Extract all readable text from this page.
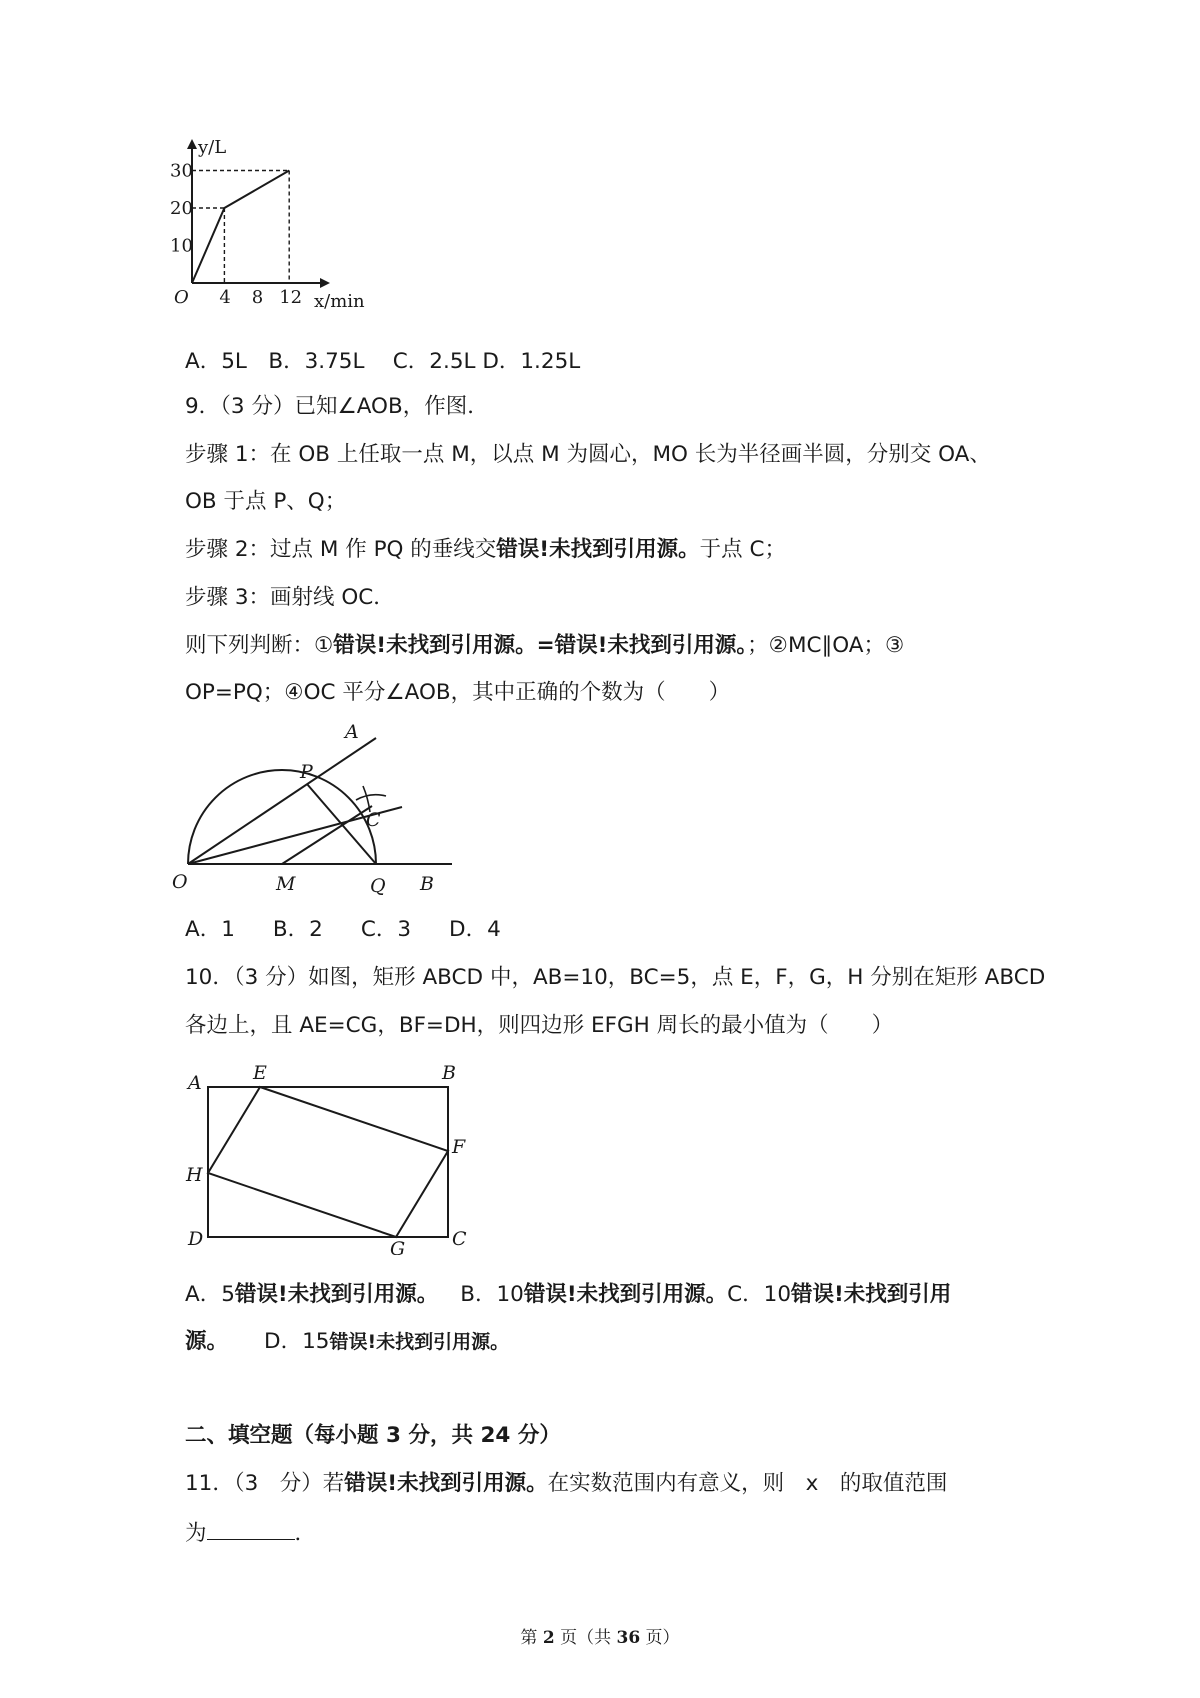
30
20
10
4 8 12
O
y/L
x/min
A．5L　B．3.75L　 C．2.5L D．1.25L
9．（3 分）已知∠AOB，作图．
步骤 1：在 OB 上任取一点 M，以点 M 为圆心，MO 长为半径画半圆，分别交 OA、
OB 于点 P、Q；
步骤 2：过点 M 作 PQ 的垂线交错误!未找到引用源。于点 C；
步骤 3：画射线 OC．
则下列判断：①错误!未找到引用源。=错误!未找到引用源。；②MC∥OA；③
OP=PQ；④OC 平分∠AOB，其中正确的个数为（　　）
A
P
C
O	M	Q B
A．1 B．2 C．3 D．4
10．（3 分）如图，矩形 ABCD 中，AB=10，BC=5，点 E，F，G，H 分别在矩形 ABCD
各边上，且 AE=CG，BF=DH，则四边形 EFGH 周长的最小值为（　　）
A	E	B
F
H
D	G C
A．5错误!未找到引用源。 B．10错误!未找到引用源。C．10错误!未找到引用
源。 D．15错误!未找到引用源。
二、填空题（每小题 3 分，共 24 分）
11．（3　分）若错误!未找到引用源。在实数范围内有意义，则　x　的取值范围
为	．
第 2 页（共 36 页）
